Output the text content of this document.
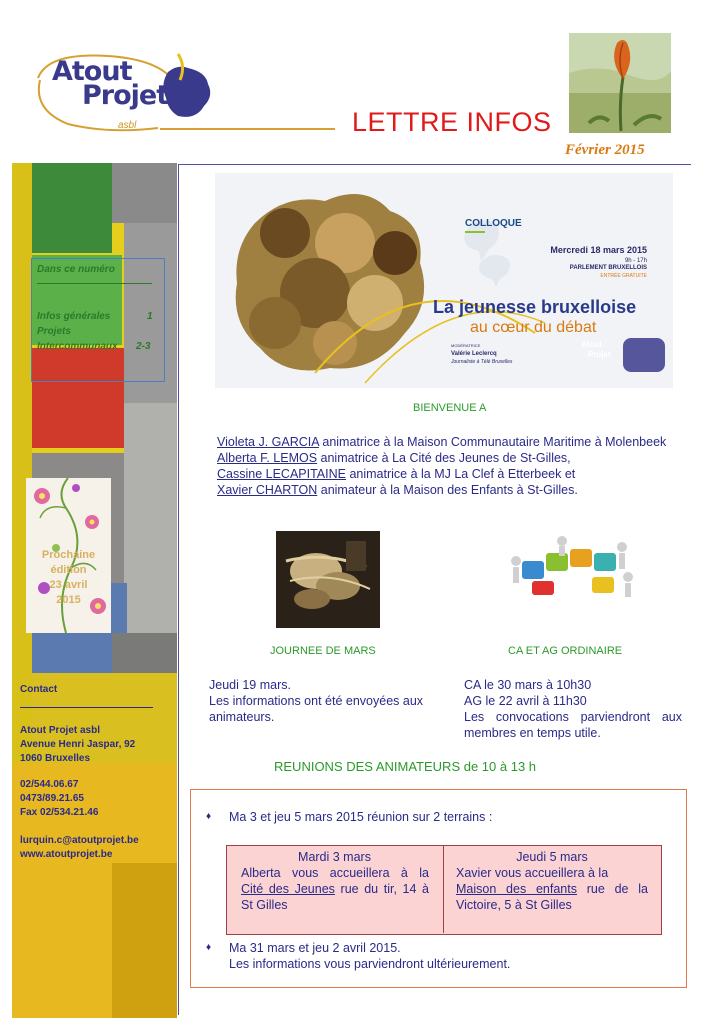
Atout
Projet
asbl	LETTRE INFOS
Février 2015
Dans ce numéro
Infos générales	1
Projets
Intercommunaux 2-3
Prochaine
édition
23 avril
2015
Contact
Atout Projet asbl
Avenue Henri Jaspar, 92
1060 Bruxelles
02/544.06.67
0473/89.21.65
Fax 02/534.21.46
lurquin.c@atoutprojet.be
www.atoutprojet.be
COLLOQUE
Mercredi 18 mars 2015
9h - 17h
PARLEMENT BRUXELLOIS
ENTRÉE GRATUITE
La jeunesse bruxelloise
au cœur du débat
MODÉRATRICE
Valérie Leclercq
Journaliste à Télé Bruxelles
Atout
Projet
BIENVENUE A
Violeta J. GARCIA animatrice à la Maison Communautaire Maritime à Molenbeek
Alberta F. LEMOS animatrice à La Cité des Jeunes de St-Gilles,
Cassine LECAPITAINE animatrice à la MJ La Clef à Etterbeek et
Xavier CHARTON animateur à la Maison des Enfants à St-Gilles.
JOURNEE DE MARS
Jeudi 19 mars.
Les informations ont été envoyées aux
animateurs.
CA ET AG ORDINAIRE
CA le 30 mars à 10h30
AG le 22 avril à 11h30
Les convocations parviendront aux
membres en temps utile.
REUNIONS DES ANIMATEURS de 10 à 13 h
♦ Ma 3 et jeu 5 mars 2015 réunion sur 2 terrains :
Mardi 3 mars
Alberta vous accueillera à la
Cité des Jeunes rue du tir, 14 à
St Gilles
Jeudi 5 mars
Xavier vous accueillera à la
Maison des enfants rue de la
Victoire, 5 à St Gilles
♦ Ma 31 mars et jeu 2 avril 2015.
Les informations vous parviendront ultérieurement.
